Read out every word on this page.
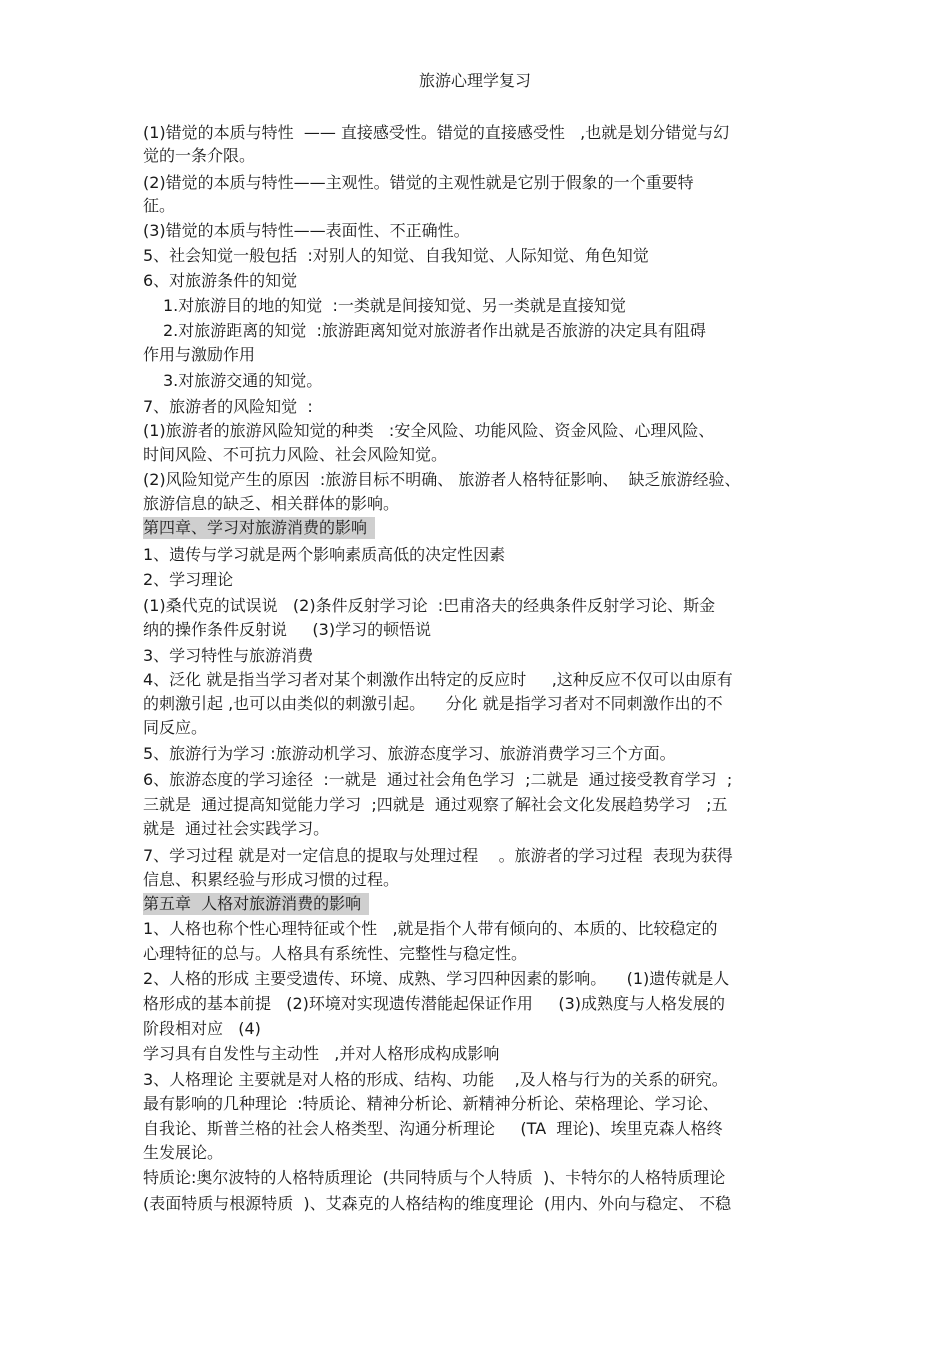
旅游心理学复习
(1)错觉的本质与特性  —— 直接感受性。错觉的直接感受性   ,也就是划分错觉与幻
觉的一条介限。
(2)错觉的本质与特性——主观性。错觉的主观性就是它别于假象的一个重要特
征。
(3)错觉的本质与特性——表面性、不正确性。
5、社会知觉一般包括  :对别人的知觉、自我知觉、人际知觉、角色知觉
6、对旅游条件的知觉
1.对旅游目的地的知觉  :一类就是间接知觉、另一类就是直接知觉
2.对旅游距离的知觉  :旅游距离知觉对旅游者作出就是否旅游的决定具有阻碍
作用与激励作用
3.对旅游交通的知觉。
7、旅游者的风险知觉  :
(1)旅游者的旅游风险知觉的种类   :安全风险、功能风险、资金风险、心理风险、
时间风险、不可抗力风险、社会风险知觉。
(2)风险知觉产生的原因  :旅游目标不明确、 旅游者人格特征影响、  缺乏旅游经验、
旅游信息的缺乏、相关群体的影响。
第四章、学习对旅游消费的影响
1、遗传与学习就是两个影响素质高低的决定性因素
2、学习理论
(1)桑代克的试误说   (2)条件反射学习论  :巴甫洛夫的经典条件反射学习论、斯金
纳的操作条件反射说     (3)学习的顿悟说
3、学习特性与旅游消费
4、泛化 就是指当学习者对某个刺激作出特定的反应时     ,这种反应不仅可以由原有
的刺激引起 ,也可以由类似的刺激引起。    分化 就是指学习者对不同刺激作出的不
同反应。
5、旅游行为学习 :旅游动机学习、旅游态度学习、旅游消费学习三个方面。
6、旅游态度的学习途径  :一就是  通过社会角色学习  ;二就是  通过接受教育学习  ;
三就是  通过提高知觉能力学习  ;四就是  通过观察了解社会文化发展趋势学习   ;五
就是  通过社会实践学习。
7、学习过程 就是对一定信息的提取与处理过程    。旅游者的学习过程  表现为获得
信息、积累经验与形成习惯的过程。
第五章  人格对旅游消费的影响
1、人格也称个性心理特征或个性   ,就是指个人带有倾向的、本质的、比较稳定的
心理特征的总与。人格具有系统性、完整性与稳定性。
2、人格的形成 主要受遗传、环境、成熟、学习四种因素的影响。    (1)遗传就是人
格形成的基本前提   (2)环境对实现遗传潜能起保证作用     (3)成熟度与人格发展的
阶段相对应   (4)
学习具有自发性与主动性   ,并对人格形成构成影响
3、人格理论 主要就是对人格的形成、结构、功能    ,及人格与行为的关系的研究。
最有影响的几种理论  :特质论、精神分析论、新精神分析论、荣格理论、学习论、
自我论、斯普兰格的社会人格类型、沟通分析理论     (TA  理论)、埃里克森人格终
生发展论。
特质论:奥尔波特的人格特质理论  (共同特质与个人特质  )、卡特尔的人格特质理论
(表面特质与根源特质  )、艾森克的人格结构的维度理论  (用内、外向与稳定、 不稳
